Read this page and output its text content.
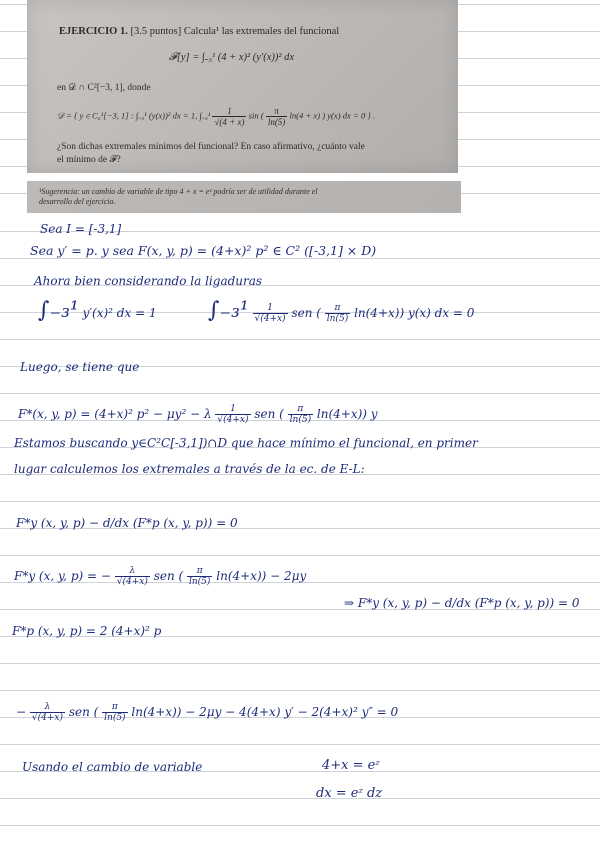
EJERCICIO 1. [3.5 puntos] Calcula¹ las extremales del funcional
𝓕[y] = ∫₋₃¹ (4 + x)² (y′(x))² dx
en 𝒟 ∩ C²[−3, 1], donde
𝒟 = { y ∈ C₀¹[−3, 1] : ∫₋₃¹ (y(x))² dx = 1, $\int_{-3}^1 \frac{1}{√(4 + x)}$ sin ( $\frac{\pi}{\ln(5)} \ln(4 + x)$ ) y(x) dx = 0 } .
¿Son dichas extremales mínimos del funcional? En caso afirmativo, ¿cuánto vale
el mínimo de 𝓕?
¹Sugerencia: un cambio de variable de tipo 4 + x = eᶻ podría ser de utilidad durante el
desarrollo del ejercicio.
Sea I = [-3,1]
Sea y′ = p. y sea F(x, y, p) = (4+x)² p² ∈ C² ([-3,1] × D)
Ahora bien considerando la ligaduras
∫₋₃¹ y′(x)² dx = 1 $\int_{-3}^1 \frac{1}{√(4+x)}$ sen ( $\frac{\pi}{\ln(5)} \ln(4+x)$) y(x) dx = 0
Luego, se tiene que
F*(x, y, p) = (4+x)² p² − μy² − λ $\frac{1}{√(4+x)}$ sen ( $\frac{\pi}{\ln(5)} \ln(4+x)$) y
Estamos buscando y∈C²C[-3,1])∩D que hace mínimo el funcional, en primer
lugar calculemos los extremales a través de la ec. de E-L:
F*y (x, y, p) − d/dx (F*p (x, y, p)) = 0
F*y (x, y, p) = − $\frac{\lambda}{√(4+x)}$ sen ( $\frac{\pi}{\ln(5)} \ln(4+x)) - 2\mu y$
⇒ F*y (x, y, p) − d/dx (F*p (x, y, p)) = 0
F*p (x, y, p) = 2 (4+x)² p
− $\frac{\lambda}{√(4+x)}$ sen ( $\frac{\pi}{\ln(5)} \ln(4+x)) - 2\mu y - 4(4+x)$ y′ − 2(4+x)² y″ = 0
Usando el cambio de variable	4+x = eᶻ
dx = eᶻ dz
